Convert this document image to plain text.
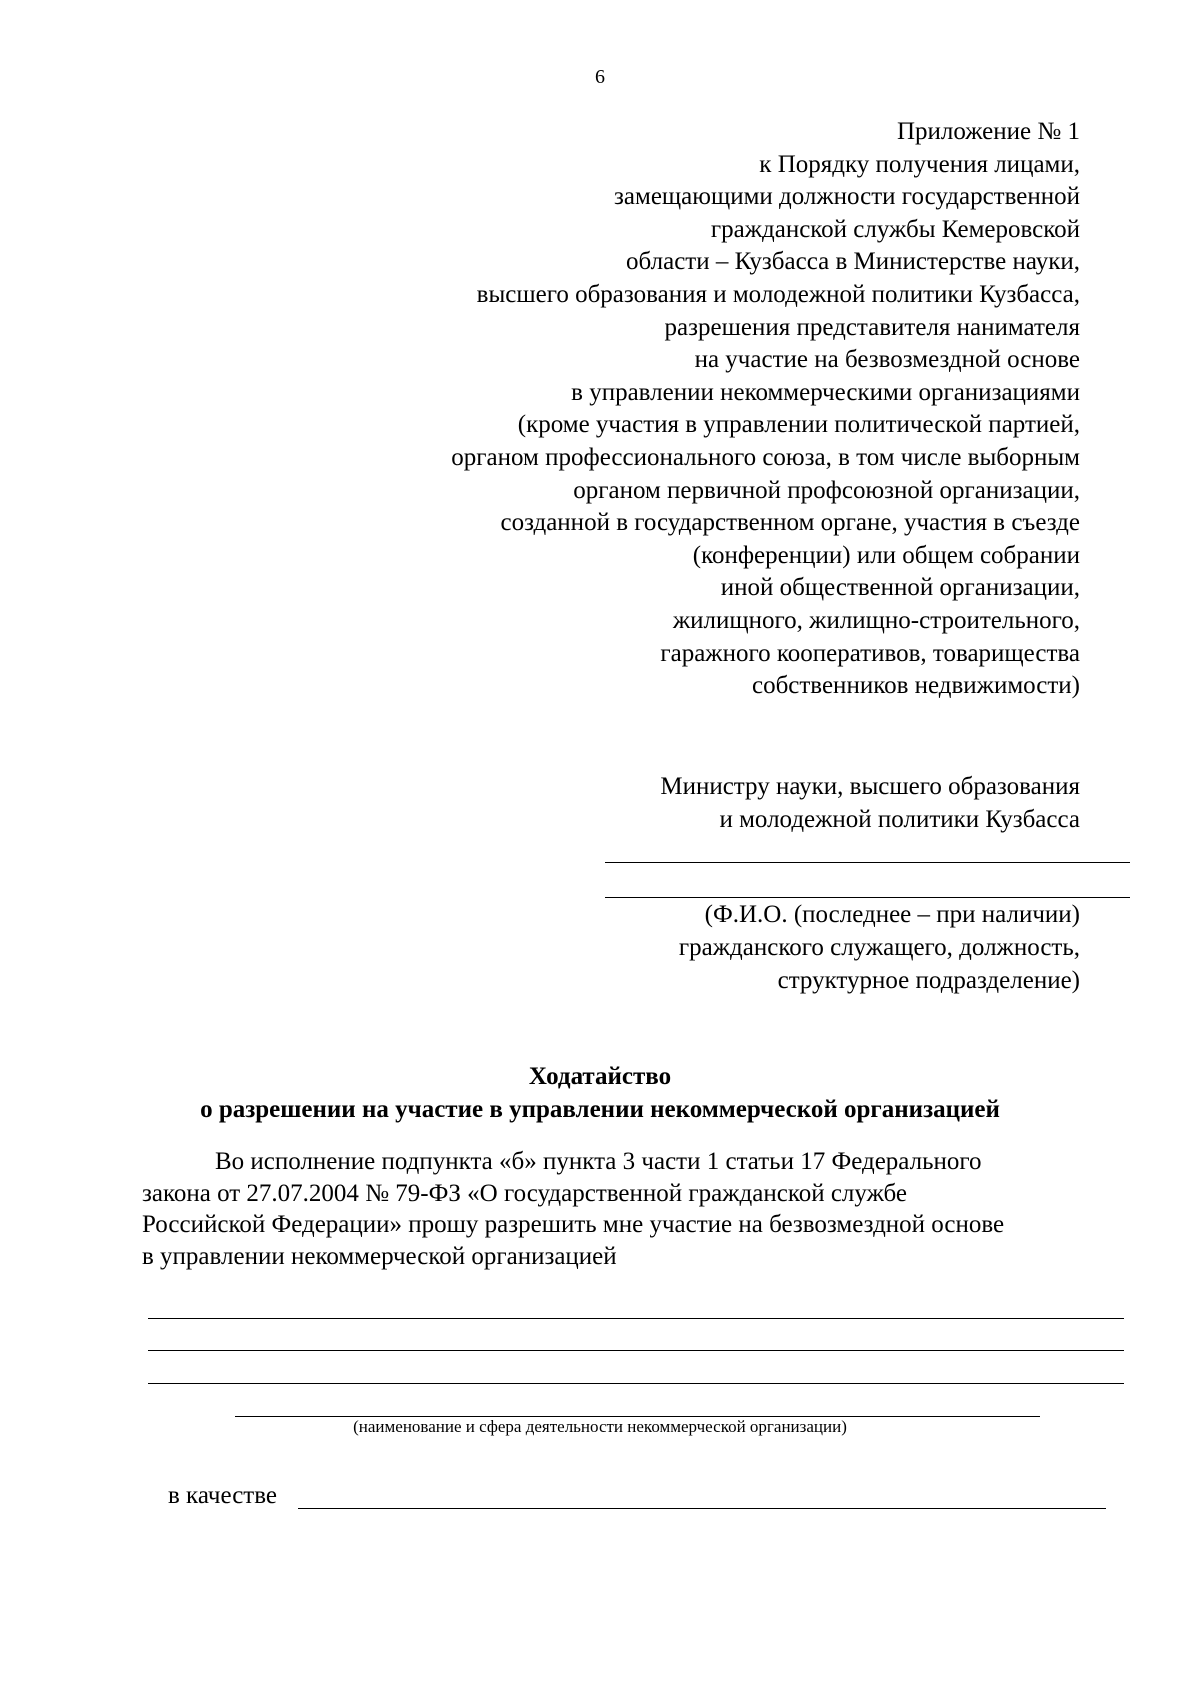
6
Приложение № 1
к Порядку получения лицами,
замещающими должности государственной
гражданской службы Кемеровской
области – Кузбасса в Министерстве науки,
высшего образования и молодежной политики Кузбасса,
разрешения представителя нанимателя
на участие на безвозмездной основе
в управлении некоммерческими организациями
(кроме участия в управлении политической партией,
органом профессионального союза, в том числе выборным
органом первичной профсоюзной организации,
созданной в государственном органе, участия в съезде
(конференции) или общем собрании
иной общественной организации,
жилищного, жилищно-строительного,
гаражного кооперативов, товарищества
собственников недвижимости)
Министру науки, высшего образования
и молодежной политики Кузбасса
(Ф.И.О. (последнее – при наличии)
гражданского служащего, должность,
структурное подразделение)
Ходатайство
о разрешении на участие в управлении некоммерческой организацией
Во исполнение подпункта «б» пункта 3 части 1 статьи 17 Федерального
закона от 27.07.2004 № 79-ФЗ «О государственной гражданской службе
Российской Федерации» прошу разрешить мне участие на безвозмездной основе
в управлении некоммерческой организацией
(наименование и сфера деятельности некоммерческой организации)
в качестве
